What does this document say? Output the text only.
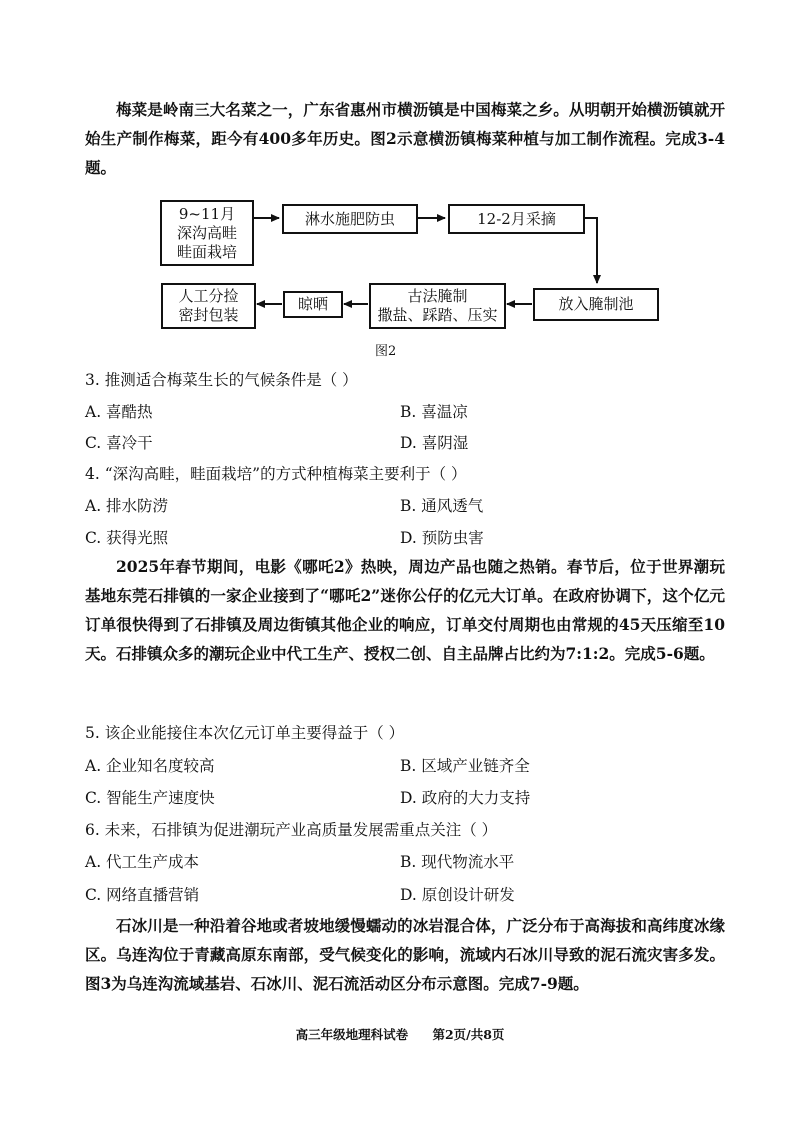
梅菜是岭南三大名菜之一，广东省惠州市横沥镇是中国梅菜之乡。从明朝开始横沥镇就开始生产制作梅菜，距今有400多年历史。图2示意横沥镇梅菜种植与加工制作流程。完成3-4题。

9~11月
深沟高畦
畦面栽培
淋水施肥防虫	12-2月采摘
放入腌制池
古法腌制
撒盐、踩踏、压实
晾晒
人工分捡
密封包装
图2
3. 推测适合梅菜生长的气候条件是（ ）
A. 喜酷热	B. 喜温凉
C. 喜冷干	D. 喜阴湿
4. “深沟高畦，畦面栽培”的方式种植梅菜主要利于（ ）
A. 排水防涝	B. 通风透气
C. 获得光照	D. 预防虫害

2025年春节期间，电影《哪吒2》热映，周边产品也随之热销。春节后，位于世界潮玩基地东莞石排镇的一家企业接到了“哪吒2”迷你公仔的亿元大订单。在政府协调下，这个亿元订单很快得到了石排镇及周边街镇其他企业的响应，订单交付周期也由常规的45天压缩至10天。石排镇众多的潮玩企业中代工生产、授权二创、自主品牌占比约为7:1:2。完成5-6题。

5. 该企业能接住本次亿元订单主要得益于（ ）
A. 企业知名度较高	B. 区域产业链齐全
C. 智能生产速度快	D. 政府的大力支持
6. 未来，石排镇为促进潮玩产业高质量发展需重点关注（ ）
A. 代工生产成本	B. 现代物流水平
C. 网络直播营销	D. 原创设计研发

石冰川是一种沿着谷地或者坡地缓慢蠕动的冰岩混合体，广泛分布于高海拔和高纬度冰缘区。乌连沟位于青藏高原东南部，受气候变化的影响，流域内石冰川导致的泥石流灾害多发。图3为乌连沟流域基岩、石冰川、泥石流活动区分布示意图。完成7-9题。

高三年级地理科试卷 第2页/共8页
